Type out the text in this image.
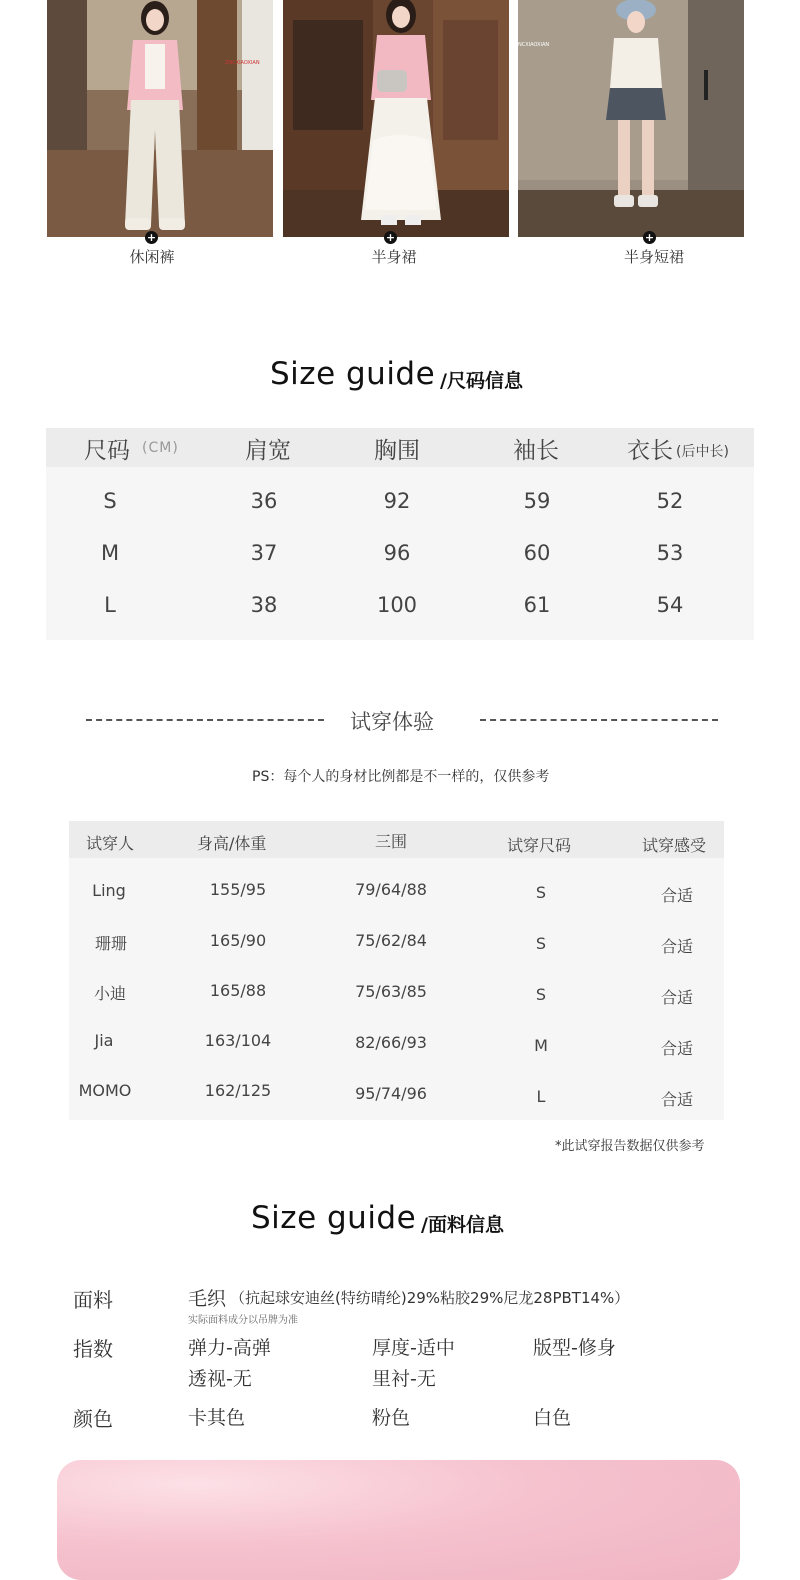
ZNCXIAOXIAN
+
休闲裤
+
半身裙
NCXIAOXIAN
+
半身短裙
Size guide /尺码信息
尺码 (CM)	肩宽	胸围	袖长	衣长 (后中长)
S	36	92	59	52
M	37	96	60	53
L	38	100	61	54
试穿体验
PS：每个人的身材比例都是不一样的，仅供参考
试穿人	身高/体重	三围	试穿尺码	试穿感受
Ling	155/95	79/64/88	S	合适
珊珊	165/90	75/62/84	S	合适
小迪	165/88	75/63/85	S	合适
Jia	163/104	82/66/93	M	合适
MOMO	162/125	95/74/96	L	合适
*此试穿报告数据仅供参考
Size guide /面料信息
面料	毛织 （抗起球安迪丝(特纺晴纶)29%粘胶29%尼龙28PBT14%）
实际面料成分以吊牌为准
指数	弹力-高弹	厚度-适中	版型-修身
透视-无	里衬-无
颜色	卡其色	粉色	白色
